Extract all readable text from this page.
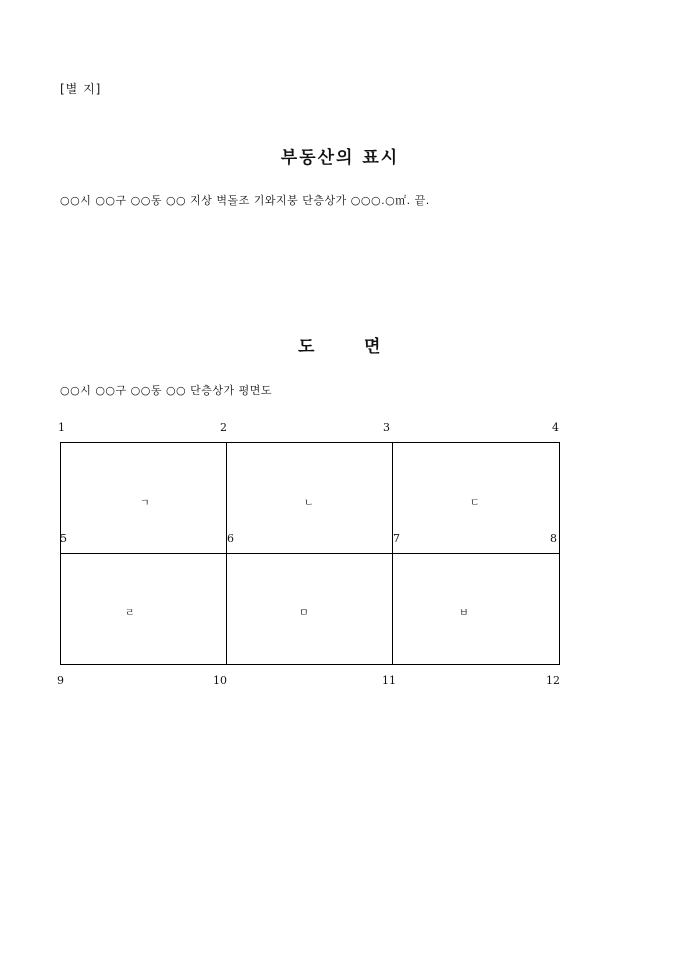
[별 지]
부동산의 표시
○○시 ○○구 ○○동 ○○ 지상 벽돌조 기와지붕 단층상가 ○○○.○㎡. 끝.
도	면
○○시 ○○구 ○○동 ○○ 단층상가 평면도
1	2	3	4
ㄱ	ㄴ	ㄷ
ㄹ	ㅁ	ㅂ
5	6	7	8
9	10	11	12
